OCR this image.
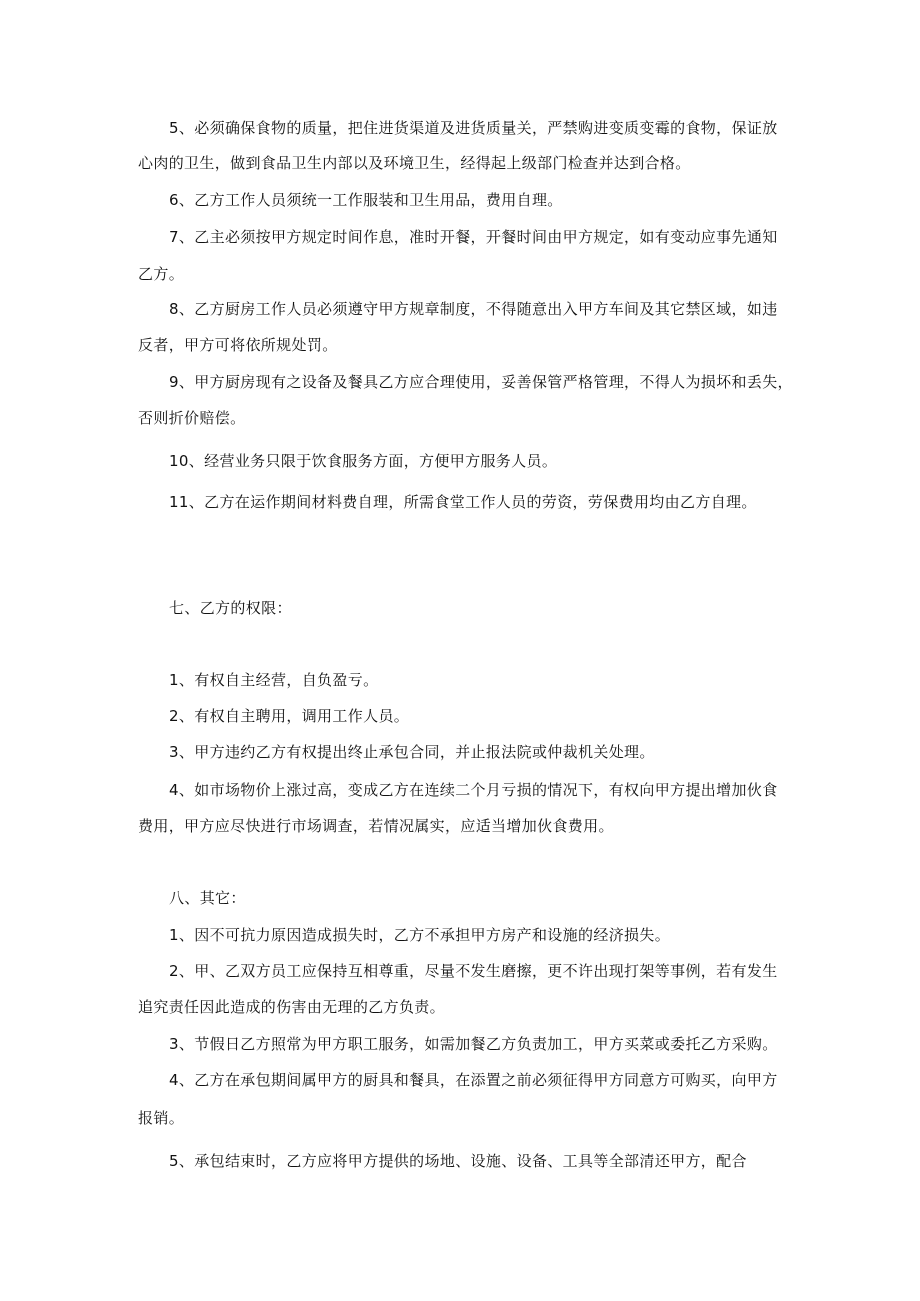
5、必须确保食物的质量，把住进货渠道及进货质量关，严禁购进变质变霉的食物，保证放
心肉的卫生，做到食品卫生内部以及环境卫生，经得起上级部门检查并达到合格。
6、乙方工作人员须统一工作服装和卫生用品，费用自理。
7、乙主必须按甲方规定时间作息，准时开餐，开餐时间由甲方规定，如有变动应事先通知
乙方。
8、乙方厨房工作人员必须遵守甲方规章制度，不得随意出入甲方车间及其它禁区域，如违
反者，甲方可将依所规处罚。
9、甲方厨房现有之设备及餐具乙方应合理使用，妥善保管严格管理，不得人为损坏和丢失，
否则折价赔偿。
10、经营业务只限于饮食服务方面，方便甲方服务人员。
11、乙方在运作期间材料费自理，所需食堂工作人员的劳资，劳保费用均由乙方自理。
七、乙方的权限：
1、有权自主经营，自负盈亏。
2、有权自主聘用，调用工作人员。
3、甲方违约乙方有权提出终止承包合同，并止报法院或仲裁机关处理。
4、如市场物价上涨过高，变成乙方在连续二个月亏损的情况下，有权向甲方提出增加伙食
费用，甲方应尽快进行市场调查，若情况属实，应适当增加伙食费用。
八、其它：
1、因不可抗力原因造成损失时，乙方不承担甲方房产和设施的经济损失。
2、甲、乙双方员工应保持互相尊重，尽量不发生磨擦，更不许出现打架等事例，若有发生
追究责任因此造成的伤害由无理的乙方负责。
3、节假日乙方照常为甲方职工服务，如需加餐乙方负责加工，甲方买菜或委托乙方采购。
4、乙方在承包期间属甲方的厨具和餐具，在添置之前必须征得甲方同意方可购买，向甲方
报销。
5、承包结束时，乙方应将甲方提供的场地、设施、设备、工具等全部清还甲方，配合
